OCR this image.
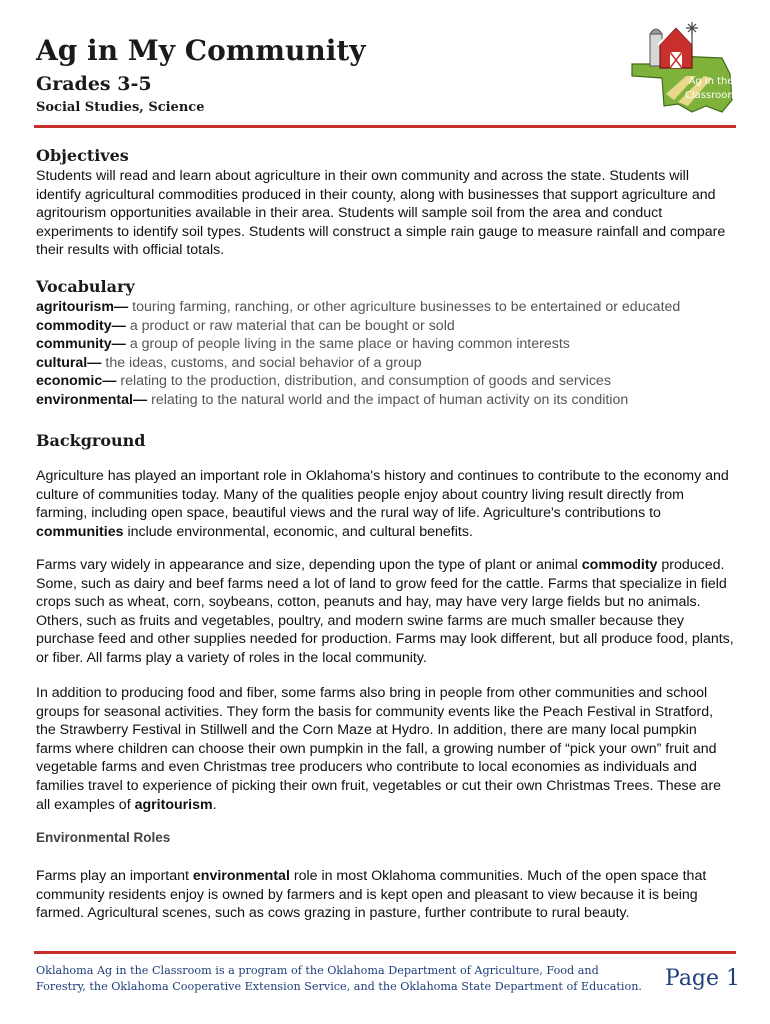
Ag in My Community
Grades 3-5
Social Studies, Science
Ag in the
Classroom
Objectives

Students will read and learn about agriculture in their own community and across the state. Students will identify agricultural commodities produced in their county, along with businesses that support agriculture and agritourism opportunities available in their area. Students will sample soil from the area and conduct experiments to identify soil types. Students will construct a simple rain gauge to measure rainfall and compare their results with official totals.

Vocabulary
agritourism— touring farming, ranching, or other agriculture businesses to be entertained or educated
commodity— a product or raw material that can be bought or sold
community— a group of people living in the same place or having common interests
cultural— the ideas, customs, and social behavior of a group
economic— relating to the production, distribution, and consumption of goods and services
environmental— relating to the natural world and the impact of human activity on its condition
Background

Agriculture has played an important role in Oklahoma's history and continues to contribute to the economy and culture of communities today. Many of the qualities people enjoy about country living result directly from farming, including open space, beautiful views and the rural way of life. Agriculture's contributions to communities include environmental, economic, and cultural benefits.

Farms vary widely in appearance and size, depending upon the type of plant or animal commodity produced. Some, such as dairy and beef farms need a lot of land to grow feed for the cattle. Farms that specialize in field crops such as wheat, corn, soybeans, cotton, peanuts and hay, may have very large fields but no animals. Others, such as fruits and vegetables, poultry, and modern swine farms are much smaller because they purchase feed and other supplies needed for production. Farms may look different, but all produce food, plants, or fiber. All farms play a variety of roles in the local community.

In addition to producing food and fiber, some farms also bring in people from other communities and school groups for seasonal activities. They form the basis for community events like the Peach Festival in Stratford, the Strawberry Festival in Stillwell and the Corn Maze at Hydro. In addition, there are many local pumpkin farms where children can choose their own pumpkin in the fall, a growing number of “pick your own” fruit and vegetable farms and even Christmas tree producers who contribute to local economies as individuals and families travel to experience of picking their own fruit, vegetables or cut their own Christmas Trees. These are all examples of agritourism.

Environmental Roles

Farms play an important environmental role in most Oklahoma communities. Much of the open space that community residents enjoy is owned by farmers and is kept open and pleasant to view because it is being farmed. Agricultural scenes, such as cows grazing in pasture, further contribute to rural beauty.

Oklahoma Ag in the Classroom is a program of the Oklahoma Department of Agriculture, Food and Forestry, the Oklahoma Cooperative Extension Service, and the Oklahoma State Department of Education. Page 1
